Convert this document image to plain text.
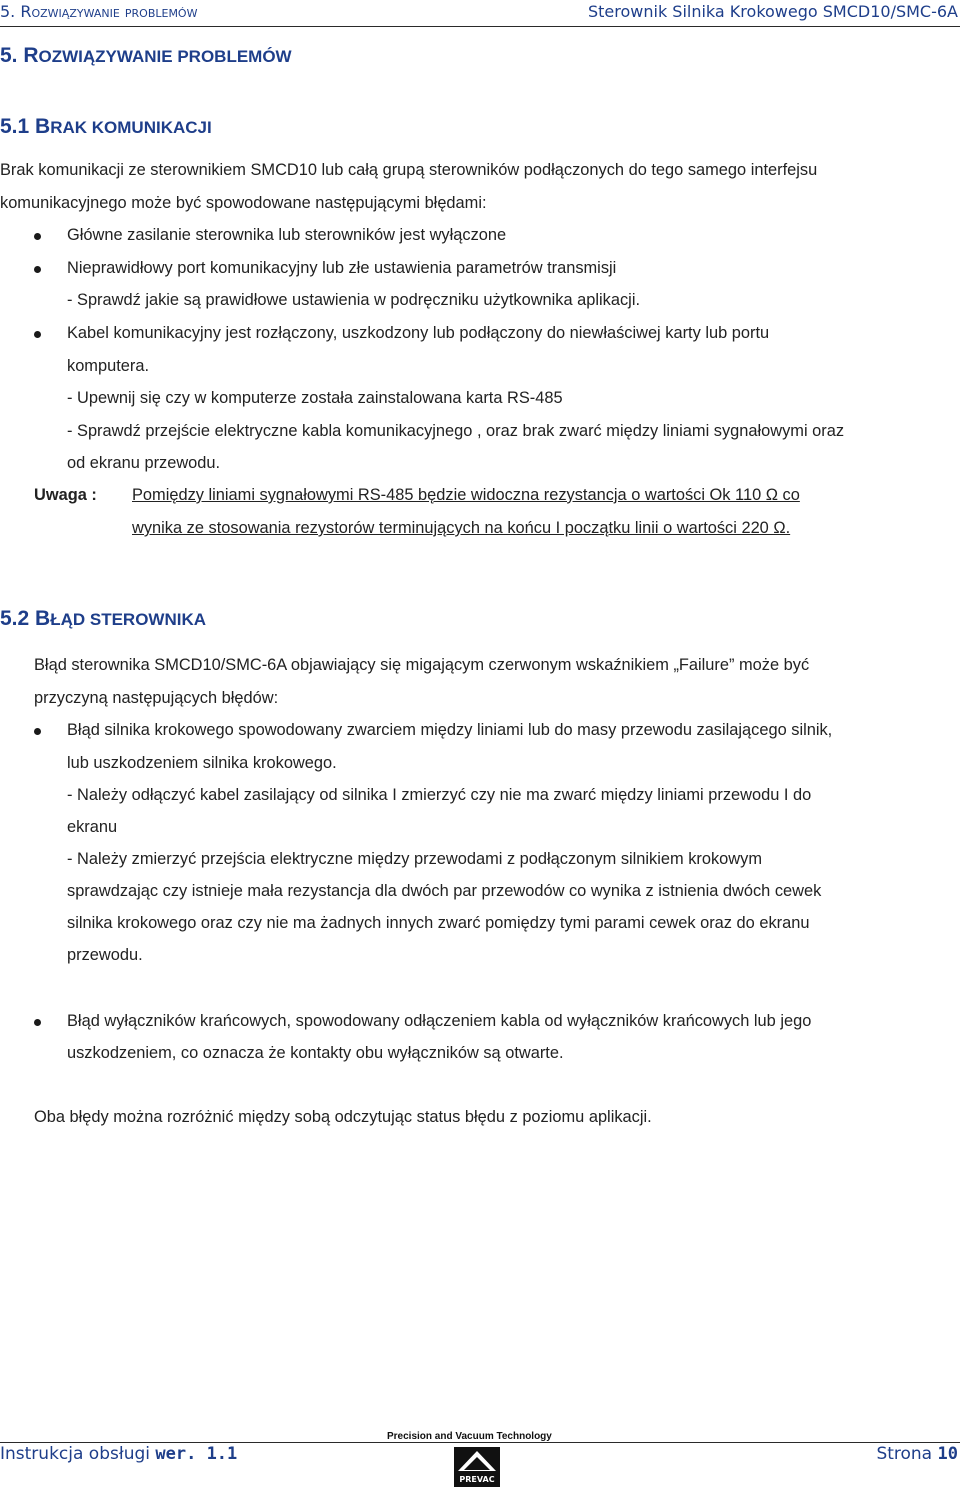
5. Rozwiązywanie problemów	Sterownik Silnika Krokowego SMCD10/SMC-6A
5. ROZWIĄZYWANIE PROBLEMÓW
5.1 BRAK KOMUNIKACJI
Brak komunikacji ze sterownikiem SMCD10 lub całą grupą sterowników podłączonych do tego samego interfejsu
komunikacyjnego może być spowodowane następującymi błędami:
Główne zasilanie sterownika lub sterowników jest wyłączone
Nieprawidłowy port komunikacyjny lub złe ustawienia parametrów transmisji
- Sprawdź jakie są prawidłowe ustawienia w podręczniku użytkownika aplikacji.
Kabel komunikacyjny jest rozłączony, uszkodzony lub podłączony do niewłaściwej karty lub portu
komputera.
- Upewnij się czy w komputerze została zainstalowana karta RS-485
- Sprawdź przejście elektryczne kabla komunikacyjnego , oraz brak zwarć między liniami sygnałowymi oraz
od ekranu przewodu.
Uwaga : Pomiędzy liniami sygnałowymi RS-485 będzie widoczna rezystancja o wartości Ok 110 Ω co
wynika ze stosowania rezystorów terminujących na końcu I początku linii o wartości 220 Ω.
5.2 BŁĄD STEROWNIKA
Błąd sterownika SMCD10/SMC-6A objawiający się migającym czerwonym wskaźnikiem „Failure” może być
przyczyną następujących błędów:
Błąd silnika krokowego spowodowany zwarciem między liniami lub do masy przewodu zasilającego silnik,
lub uszkodzeniem silnika krokowego.
- Należy odłączyć kabel zasilający od silnika I zmierzyć czy nie ma zwarć między liniami przewodu I do
ekranu
- Należy zmierzyć przejścia elektryczne między przewodami z podłączonym silnikiem krokowym
sprawdzając czy istnieje mała rezystancja dla dwóch par przewodów co wynika z istnienia dwóch cewek
silnika krokowego oraz czy nie ma żadnych innych zwarć pomiędzy tymi parami cewek oraz do ekranu
przewodu.
Błąd wyłączników krańcowych, spowodowany odłączeniem kabla od wyłączników krańcowych lub jego
uszkodzeniem, co oznacza że kontakty obu wyłączników są otwarte.
Oba błędy można rozróżnić między sobą odczytując status błędu z poziomu aplikacji.
Precision and Vacuum Technology
Instrukcja obsługi wer. 1.1
PREVAC
Strona 10
